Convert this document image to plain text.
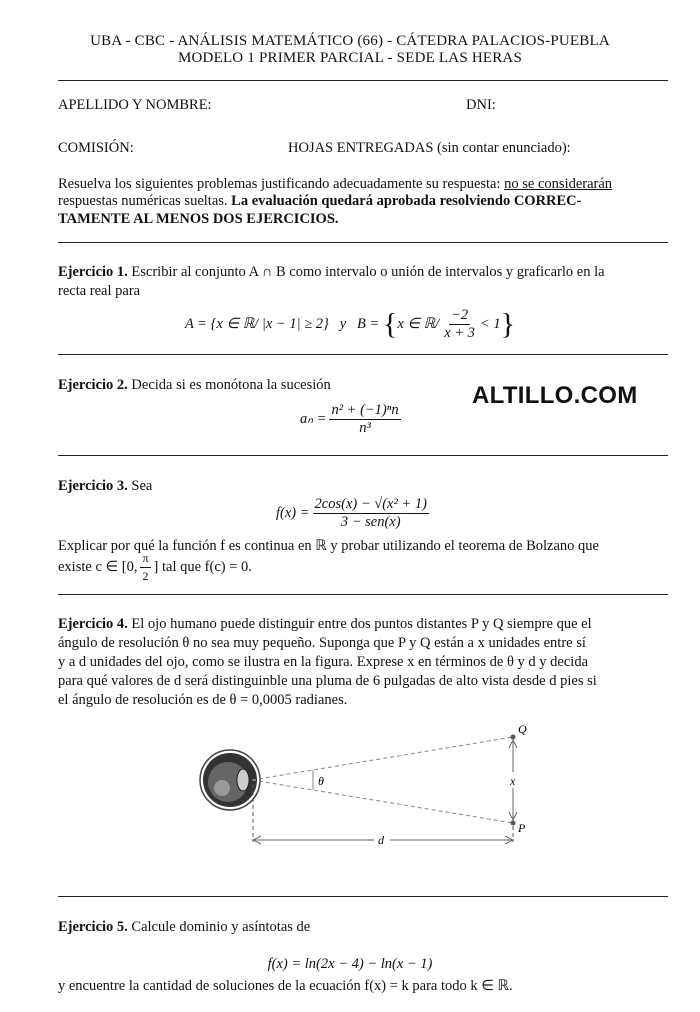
UBA - CBC - ANÁLISIS MATEMÁTICO (66) - CÁTEDRA PALACIOS-PUEBLA
MODELO 1 PRIMER PARCIAL - SEDE LAS HERAS
APELLIDO Y NOMBRE:	DNI:
COMISIÓN:	HOJAS ENTREGADAS (sin contar enunciado):
Resuelva los siguientes problemas justificando adecuadamente su respuesta: no se considerarán
respuestas numéricas sueltas. La evaluación quedará aprobada resolviendo CORREC-
TAMENTE AL MENOS DOS EJERCICIOS.
Ejercicio 1. Escribir al conjunto A ∩ B como intervalo o unión de intervalos y graficarlo en la
recta real para
A = {x ∈ ℝ/ |x − 1| ≥ 2} y B = {x ∈ ℝ/ $\frac{-2}{x + 3} < 1$}
Ejercicio 2. Decida si es monótona la sucesión	ALTILLO.COM
$a_n = \frac{\text{n² + (−1)ⁿn}}{\text{n³}}$
Ejercicio 3. Sea
$f(x) = \frac{\text{2cos(x) − √(x² + 1)}}{\text{3 − sen(x)}}$
Explicar por qué la función f es continua en ℝ y probar utilizando el teorema de Bolzano que
existe c ∈ [0, $\frac{\pi}{2}$ ] tal que f(c) = 0.
Ejercicio 4. El ojo humano puede distinguir entre dos puntos distantes P y Q siempre que el
ángulo de resolución θ no sea muy pequeño. Suponga que P y Q están a x unidades entre sí
y a d unidades del ojo, como se ilustra en la figura. Exprese x en términos de θ y d y decida
para qué valores de d será distinguinble una pluma de 6 pulgadas de alto vista desde d pies si
el ángulo de resolución es de θ = 0,0005 radianes.
θ
Q
P
x
d
Ejercicio 5. Calcule dominio y asíntotas de
f(x) = ln(2x − 4) − ln(x − 1)
y encuentre la cantidad de soluciones de la ecuación f(x) = k para todo k ∈ ℝ.
